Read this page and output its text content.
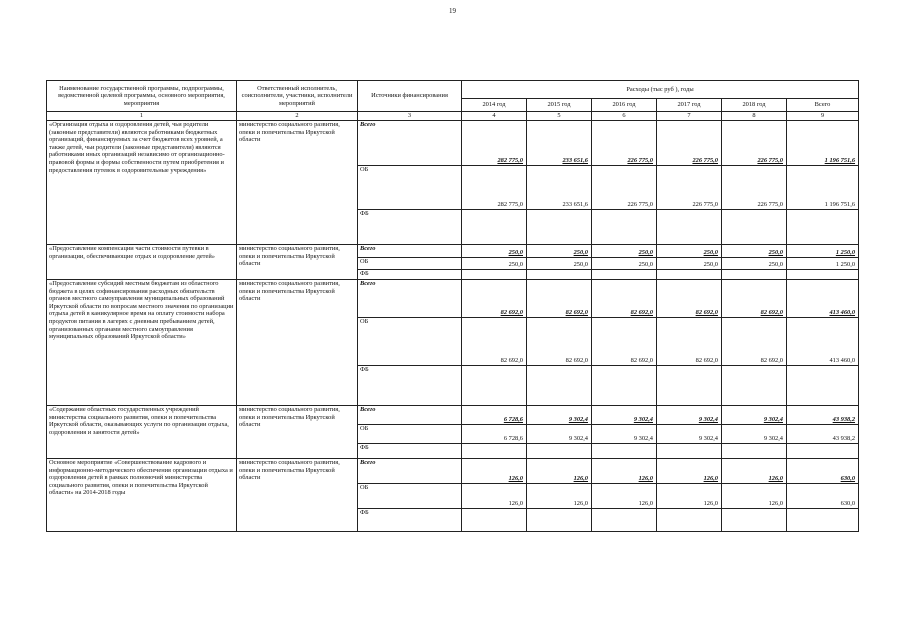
19
Наименование государственной программы, подпрограммы, ведомственной целевой программы, основного мероприятия, мероприятия	Ответственный исполнитель, соисполнители, участники, исполнители мероприятий	Источники финансирования	Расходы (тыс руб ), годы					
			2014 год	2015 год	2016 год	2017 год	2018 год	Всего
1	2	3	4	5	6	7	8	9
«Организация отдыха и оздоровления детей, чьи родители (законные представители) являются работниками бюджетных организаций, финансируемых за счет бюджетов всех уровней, а также детей, чьи родители (законные представители) являются работниками иных организаций независимо от организационно-правовой формы и формы собственности путем приобретения и предоставления путевок в оздоровительные учреждения»	министерство социального развития, опеки и попечительства Иркутской области	Всего	282 775,0	233 651,6	226 775,0	226 775,0	226 775,0	1 196 751,6
		ОБ	282 775,0	233 651,6	226 775,0	226 775,0	226 775,0	1 196 751,6
		ФБ						
«Предоставление компенсации части стоимости путевки в организации, обеспечивающие отдых и оздоровление детей»	министерство социального развития, опеки и попечительства Иркутской области	Всего	250,0	250,0	250,0	250,0	250,0	1 250,0
		ОБ	250,0	250,0	250,0	250,0	250,0	1 250,0
		ФБ						
«Предоставление субсидий местным бюджетам из областного бюджета в целях софинансирования расходных обязательств органов местного самоуправления муниципальных образований Иркутской области по вопросам местного значения по организации отдыха детей в каникулярное время на оплату стоимости набора продуктов питания в лагерях с дневным пребыванием детей, организованных органами местного самоуправления муниципальных образований Иркутской области»	министерство социального развития, опеки и попечительства Иркутской области	Всего	82 692,0	82 692,0	82 692,0	82 692,0	82 692,0	413 460,0
		ОБ	82 692,0	82 692,0	82 692,0	82 692,0	82 692,0	413 460,0
		ФБ						
«Содержание областных государственных учреждений министерства социального развития, опеки и попечительства Иркутской области, оказывающих услуги по организации отдыха, оздоровления и занятости детей»	министерство социального развития, опеки и попечительства Иркутской области	Всего	6 728,6	9 302,4	9 302,4	9 302,4	9 302,4	43 938,2
		ОБ	6 728,6	9 302,4	9 302,4	9 302,4	9 302,4	43 938,2
		ФБ						
Основное мероприятие «Совершенствование кадрового и информационно-методического обеспечения организации отдыха и оздоровления детей в рамках полномочий министерства социального развития, опеки и попечительства Иркутской области» на 2014-2018 годы	министерство социального развития, опеки и попечительства Иркутской области	Всего	126,0	126,0	126,0	126,0	126,0	630,0
		ОБ	126,0	126,0	126,0	126,0	126,0	630,0
		ФБ						
